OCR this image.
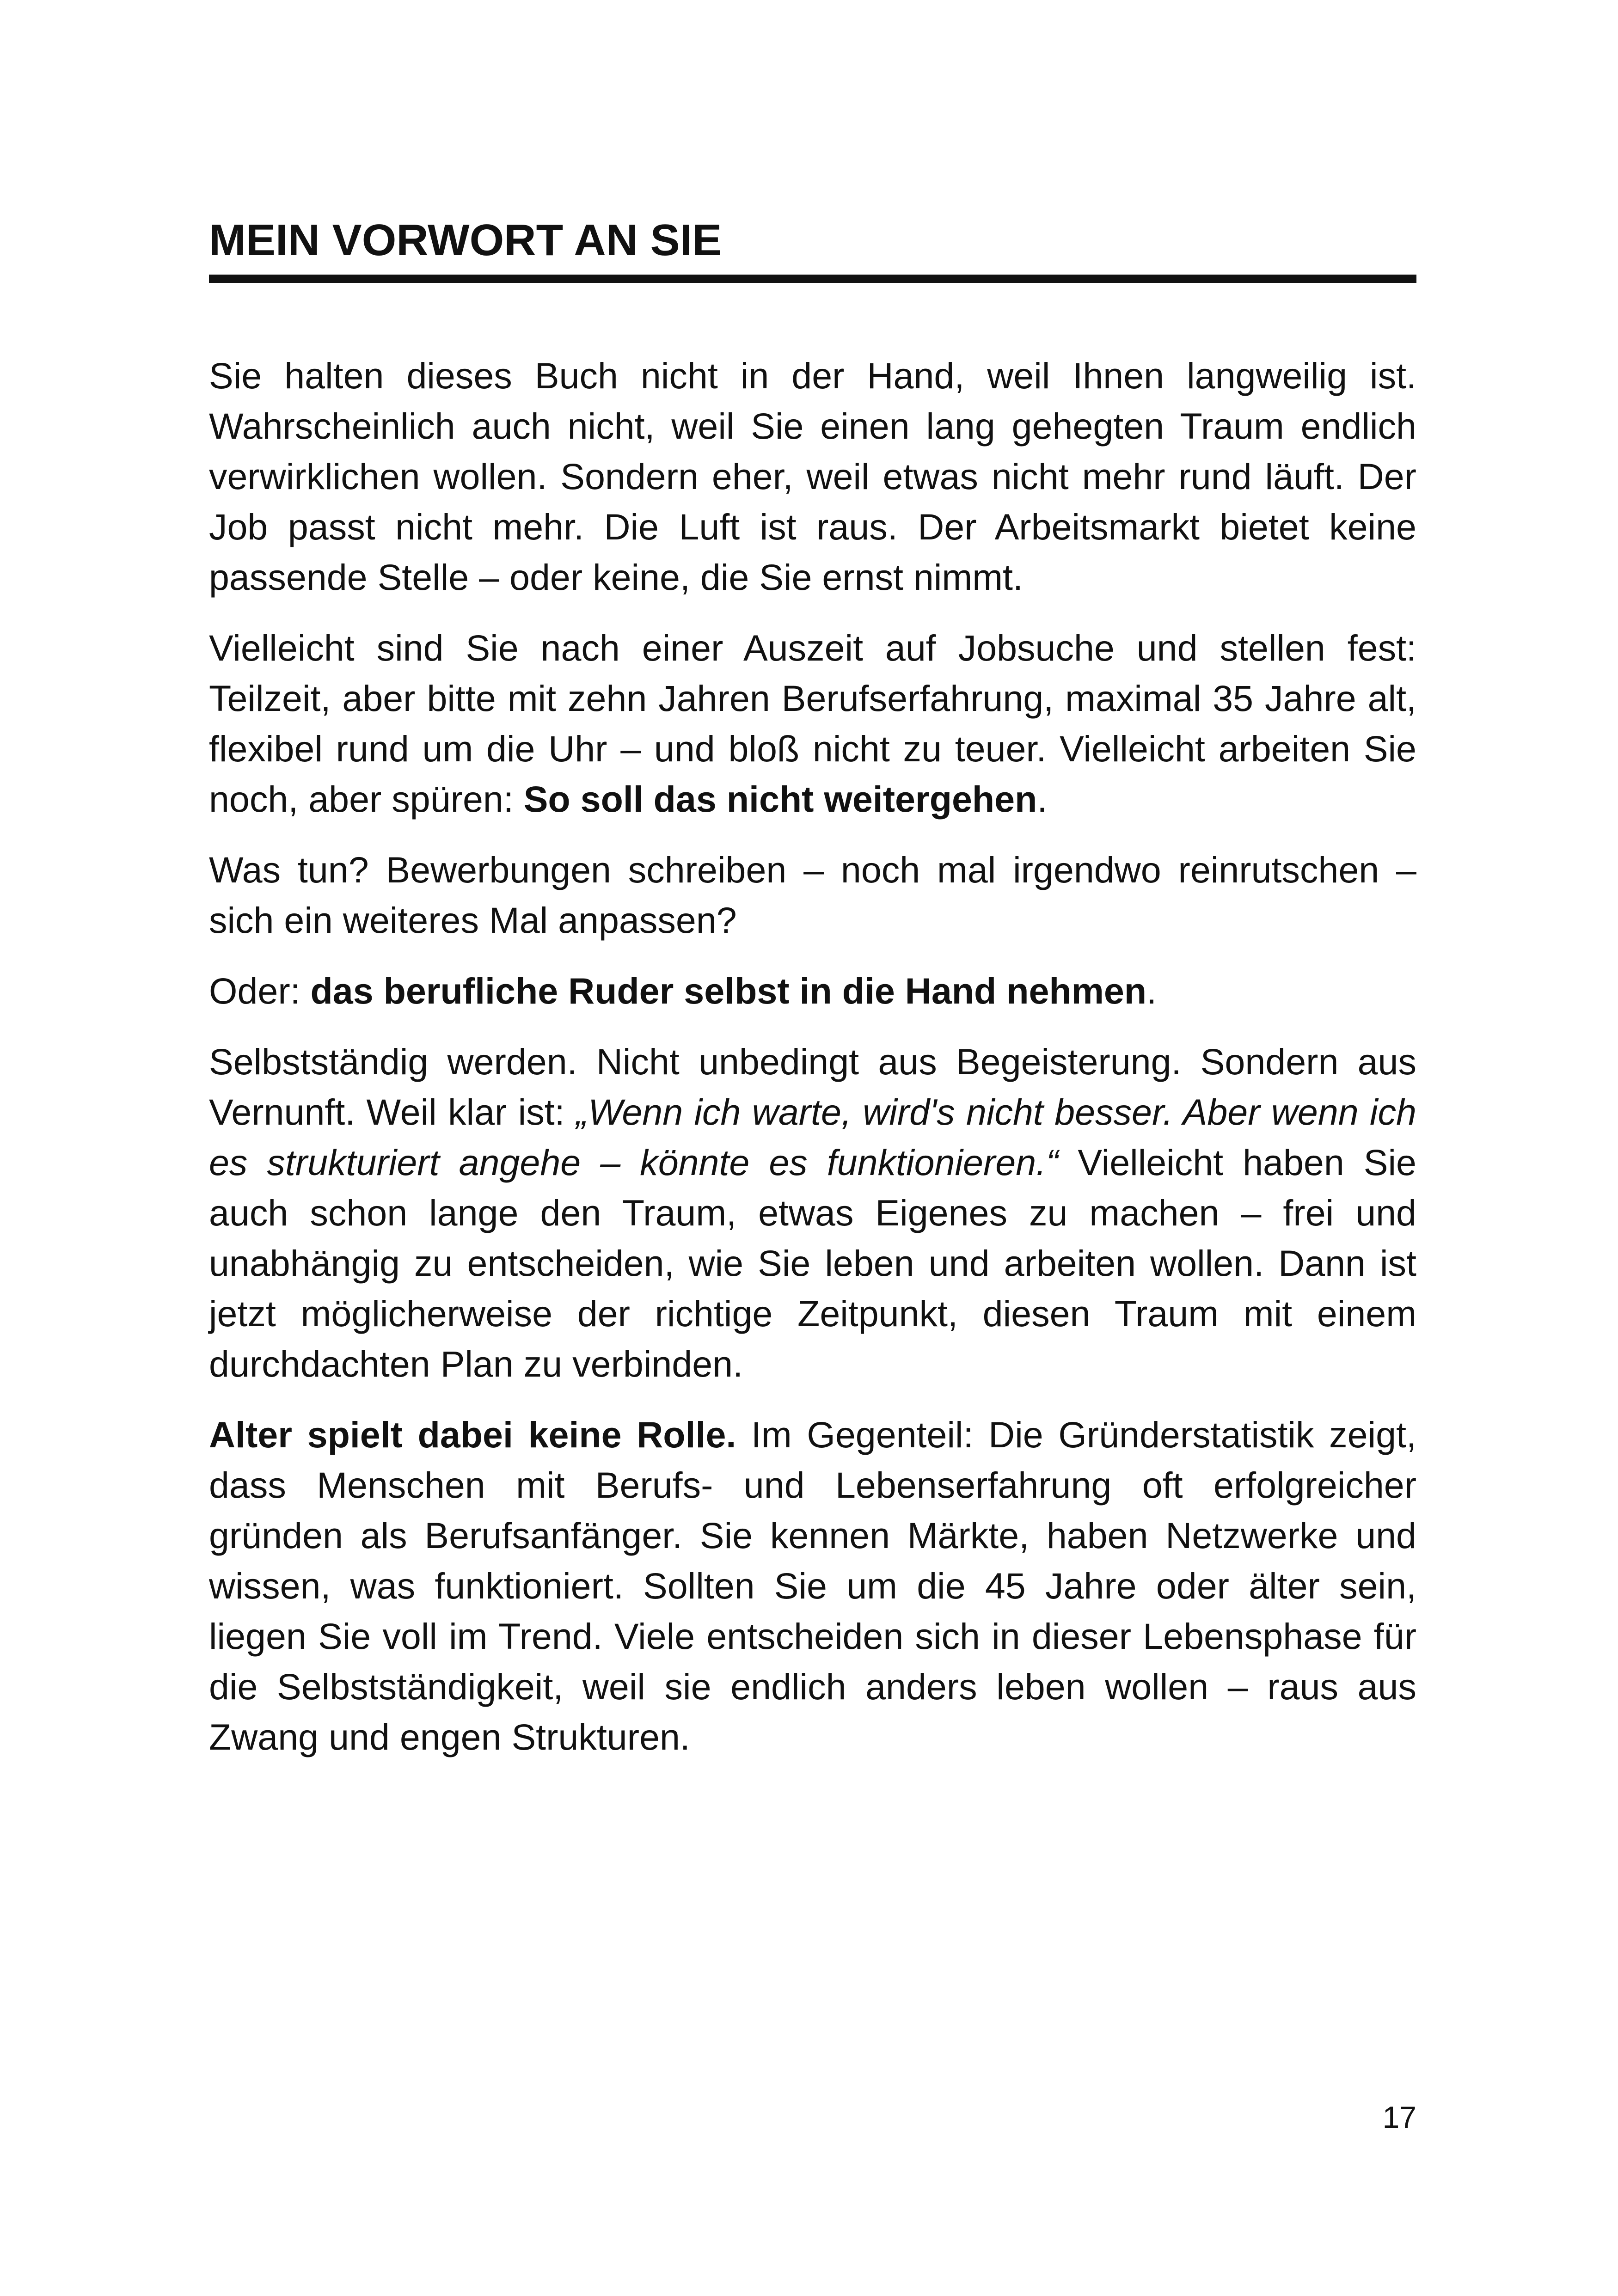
MEIN VORWORT AN SIE

Sie halten dieses Buch nicht in der Hand, weil Ihnen langweilig ist. Wahrscheinlich auch nicht, weil Sie einen lang gehegten Traum endlich verwirklichen wollen. Sondern eher, weil etwas nicht mehr rund läuft. Der Job passt nicht mehr. Die Luft ist raus. Der Arbeitsmarkt bietet keine passende Stelle – oder keine, die Sie ernst nimmt.

Vielleicht sind Sie nach einer Auszeit auf Jobsuche und stellen fest: Teilzeit, aber bitte mit zehn Jahren Berufserfahrung, maximal 35 Jahre alt, flexibel rund um die Uhr – und bloß nicht zu teuer. Vielleicht arbeiten Sie noch, aber spüren: So soll das nicht weitergehen.

Was tun? Bewerbungen schreiben – noch mal irgendwo reinrutschen – sich ein weiteres Mal anpassen?

Oder: das berufliche Ruder selbst in die Hand nehmen.

Selbstständig werden. Nicht unbedingt aus Begeisterung. Sondern aus Vernunft. Weil klar ist: „Wenn ich warte, wird's nicht besser. Aber wenn ich es strukturiert angehe – könnte es funktionieren.“ Vielleicht haben Sie auch schon lange den Traum, etwas Eigenes zu machen – frei und unabhängig zu entscheiden, wie Sie leben und arbeiten wollen. Dann ist jetzt möglicherweise der richtige Zeitpunkt, diesen Traum mit einem durchdachten Plan zu verbinden.

Alter spielt dabei keine Rolle. Im Gegenteil: Die Gründerstatistik zeigt, dass Menschen mit Berufs- und Lebenserfahrung oft erfolgreicher gründen als Berufsanfänger. Sie kennen Märkte, haben Netzwerke und wissen, was funktioniert. Sollten Sie um die 45 Jahre oder älter sein, liegen Sie voll im Trend. Viele entscheiden sich in dieser Lebensphase für die Selbstständigkeit, weil sie endlich anders leben wollen – raus aus Zwang und engen Strukturen.

17
